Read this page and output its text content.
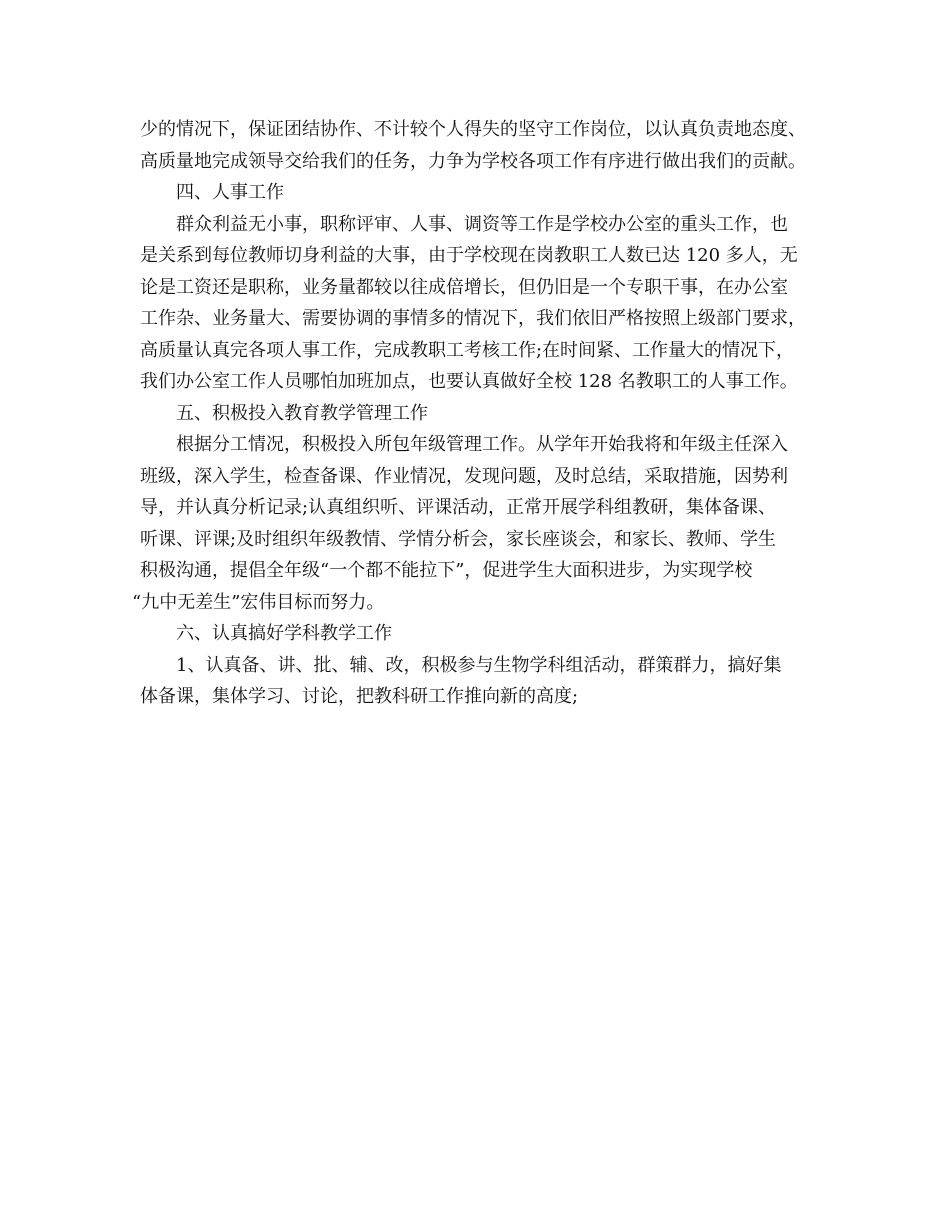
少的情况下，保证团结协作、不计较个人得失的坚守工作岗位，以认真负责地态度、
高质量地完成领导交给我们的任务，力争为学校各项工作有序进行做出我们的贡献。
四、人事工作
群众利益无小事，职称评审、人事、调资等工作是学校办公室的重头工作，也
是关系到每位教师切身利益的大事，由于学校现在岗教职工人数已达 120 多人，无
论是工资还是职称，业务量都较以往成倍增长，但仍旧是一个专职干事，在办公室
工作杂、业务量大、需要协调的事情多的情况下，我们依旧严格按照上级部门要求，
高质量认真完各项人事工作，完成教职工考核工作;在时间紧、工作量大的情况下，
我们办公室工作人员哪怕加班加点，也要认真做好全校 128 名教职工的人事工作。
五、积极投入教育教学管理工作
根据分工情况，积极投入所包年级管理工作。从学年开始我将和年级主任深入
班级，深入学生，检查备课、作业情况，发现问题，及时总结，采取措施，因势利
导，并认真分析记录;认真组织听、评课活动，正常开展学科组教研，集体备课、
听课、评课;及时组织年级教情、学情分析会，家长座谈会，和家长、教师、学生
积极沟通，提倡全年级“一个都不能拉下”，促进学生大面积进步，为实现学校
“九中无差生”宏伟目标而努力。
六、认真搞好学科教学工作
1、认真备、讲、批、辅、改，积极参与生物学科组活动，群策群力，搞好集
体备课，集体学习、讨论，把教科研工作推向新的高度;
